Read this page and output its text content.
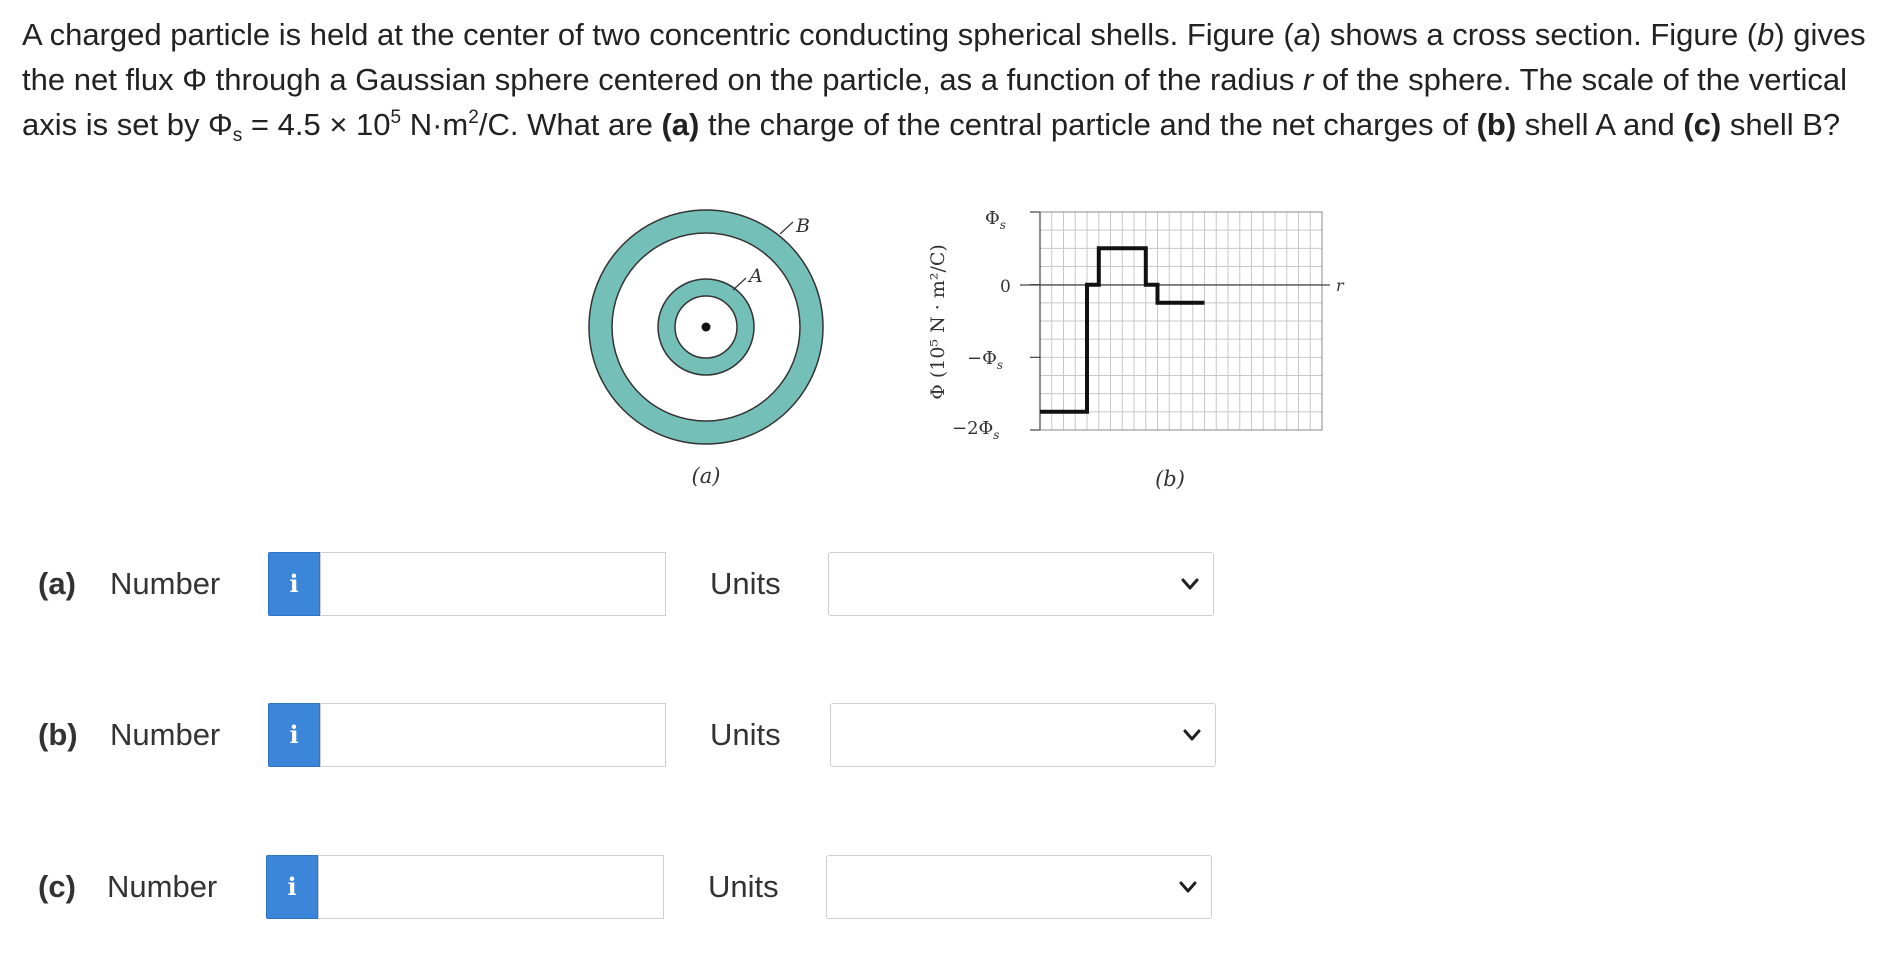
A charged particle is held at the center of two concentric conducting spherical shells. Figure (a) shows a cross section. Figure (b) gives the net flux Φ through a Gaussian sphere centered on the particle, as a function of the radius r of the sphere. The scale of the vertical axis is set by $\Phi_s = 4.5 \times 10^5$ $N\cdot m^2/C$. What are (a) the charge of the central particle and the net charges of (b) shell A and (c) shell B?
A
B
(a)
r
$\Phi_s$
0
$-\Phi_s$
$-2\Phi_s$
Φ (10⁵ N · m²/C)
(b)
(a) Number	i	Units
(b) Number	i	Units
(c) Number	i	Units
